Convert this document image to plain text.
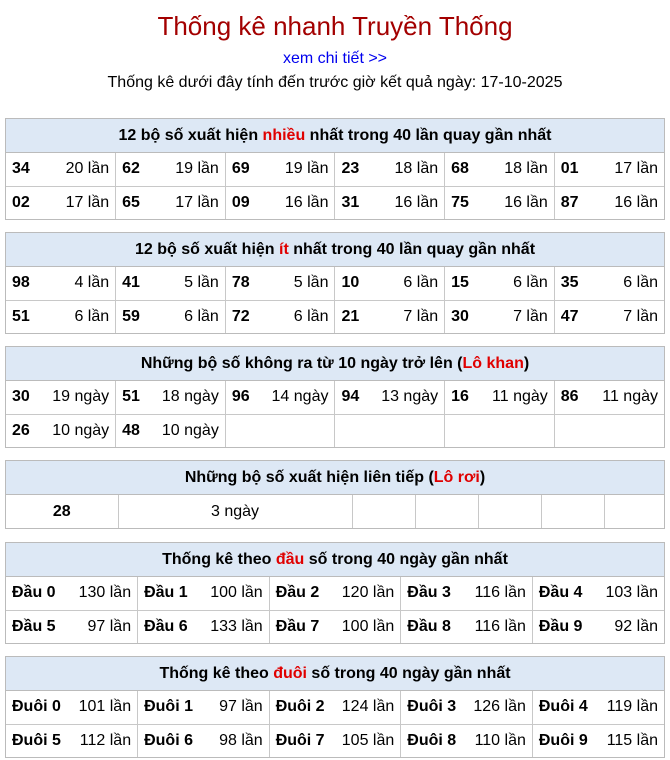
Thống kê nhanh Truyền Thống
xem chi tiết >>
Thống kê dưới đây tính đến trước giờ kết quả ngày: 17-10-2025
12 bộ số xuất hiện nhiều nhất trong 40 lần quay gần nhất
34 20 lần	62 19 lần	69 19 lần	23 18 lần	68 18 lần	01 17 lần

02 17 lần	65 17 lần	09 16 lần	31 16 lần	75 16 lần	87 16 lần
12 bộ số xuất hiện ít nhất trong 40 lần quay gần nhất
98 4 lần	41 5 lần	78 5 lần	10 6 lần	15 6 lần	35 6 lần

51 6 lần	59 6 lần	72 6 lần	21 7 lần	30 7 lần	47 7 lần
Những bộ số không ra từ 10 ngày trở lên (Lô khan)
30 19 ngày	51 18 ngày	96 14 ngày	94 13 ngày	16 11 ngày	86 11 ngày

26 10 ngày	48 10 ngày				

Những bộ số xuất hiện liên tiếp (Lô rơi)
28	3 ngày					
Thống kê theo đầu số trong 40 ngày gần nhất
Đầu 0 130 lần	Đầu 1 100 lần	Đầu 2 120 lần	Đầu 3 116 lần	Đầu 4 103 lần

Đầu 5 97 lần	Đầu 6 133 lần	Đầu 7 100 lần	Đầu 8 116 lần	Đầu 9 92 lần
Thống kê theo đuôi số trong 40 ngày gần nhất
Đuôi 0 101 lần	Đuôi 1 97 lần	Đuôi 2 124 lần	Đuôi 3 126 lần	Đuôi 4 119 lần

Đuôi 5 112 lần	Đuôi 6 98 lần	Đuôi 7 105 lần	Đuôi 8 110 lần	Đuôi 9 115 lần
